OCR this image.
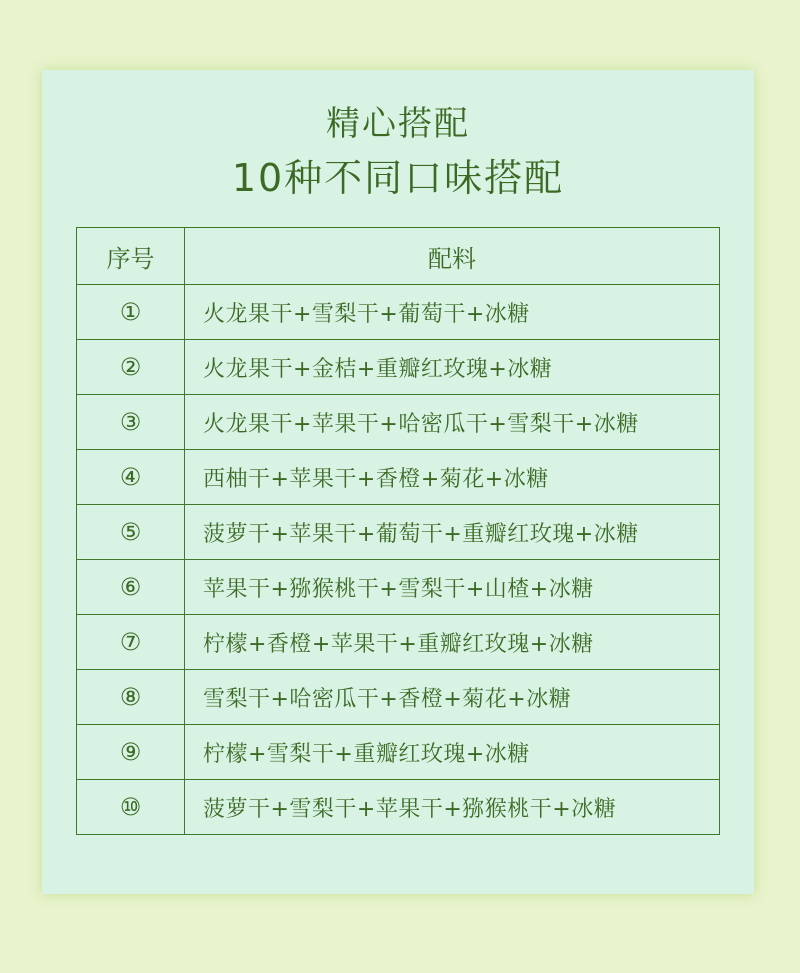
精心搭配
10种不同口味搭配
序号	配料
①	火龙果干+雪梨干+葡萄干+冰糖
②	火龙果干+金桔+重瓣红玫瑰+冰糖
③	火龙果干+苹果干+哈密瓜干+雪梨干+冰糖
④	西柚干+苹果干+香橙+菊花+冰糖
⑤	菠萝干+苹果干+葡萄干+重瓣红玫瑰+冰糖
⑥	苹果干+猕猴桃干+雪梨干+山楂+冰糖
⑦	柠檬+香橙+苹果干+重瓣红玫瑰+冰糖
⑧	雪梨干+哈密瓜干+香橙+菊花+冰糖
⑨	柠檬+雪梨干+重瓣红玫瑰+冰糖
⑩	菠萝干+雪梨干+苹果干+猕猴桃干+冰糖
